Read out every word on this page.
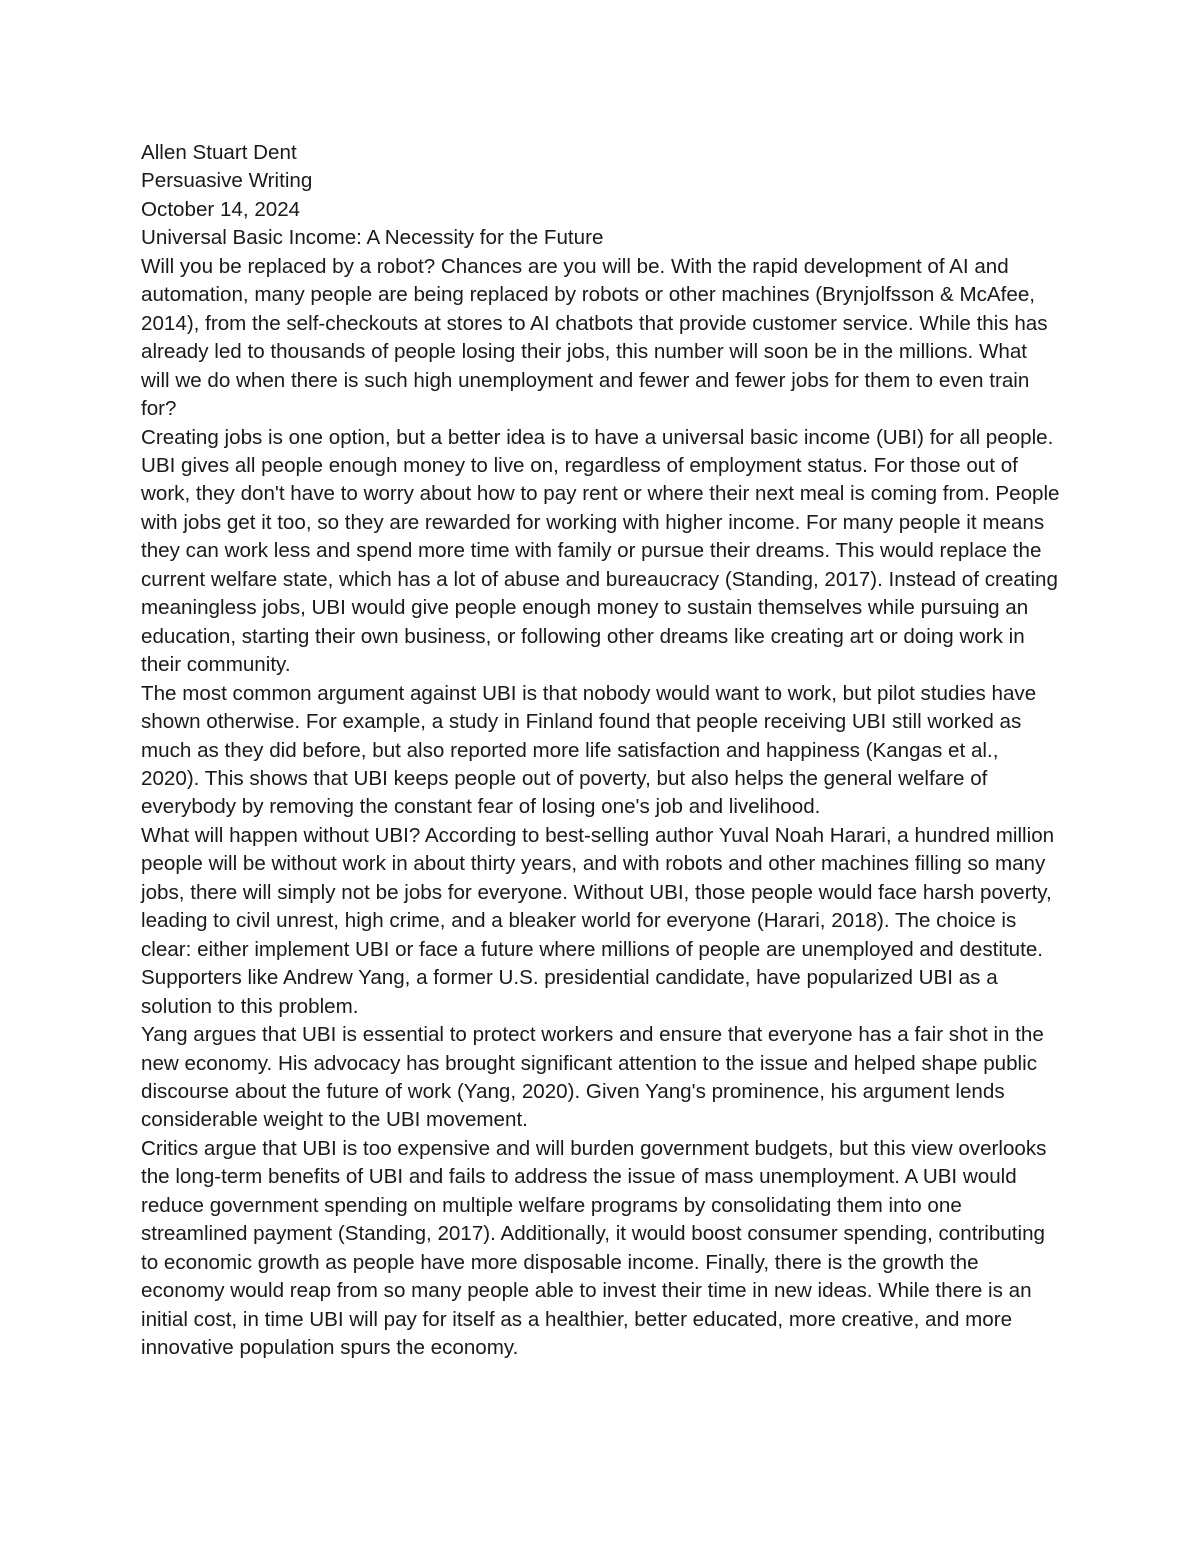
Allen Stuart Dent

Persuasive Writing

October 14, 2024

Universal Basic Income: A Necessity for the Future

Will you be replaced by a robot? Chances are you will be. With the rapid development of AI and automation, many people are being replaced by robots or other machines (Brynjolfsson & McAfee, 2014), from the self-checkouts at stores to AI chatbots that provide customer service. While this has already led to thousands of people losing their jobs, this number will soon be in the millions. What will we do when there is such high unemployment and fewer and fewer jobs for them to even train for?

Creating jobs is one option, but a better idea is to have a universal basic income (UBI) for all people. UBI gives all people enough money to live on, regardless of employment status. For those out of work, they don't have to worry about how to pay rent or where their next meal is coming from. People with jobs get it too, so they are rewarded for working with higher income. For many people it means they can work less and spend more time with family or pursue their dreams. This would replace the current welfare state, which has a lot of abuse and bureaucracy (Standing, 2017). Instead of creating meaningless jobs, UBI would give people enough money to sustain themselves while pursuing an education, starting their own business, or following other dreams like creating art or doing work in their community.

The most common argument against UBI is that nobody would want to work, but pilot studies have shown otherwise. For example, a study in Finland found that people receiving UBI still worked as much as they did before, but also reported more life satisfaction and happiness (Kangas et al., 2020). This shows that UBI keeps people out of poverty, but also helps the general welfare of everybody by removing the constant fear of losing one's job and livelihood.

What will happen without UBI? According to best-selling author Yuval Noah Harari, a hundred million people will be without work in about thirty years, and with robots and other machines filling so many jobs, there will simply not be jobs for everyone. Without UBI, those people would face harsh poverty, leading to civil unrest, high crime, and a bleaker world for everyone (Harari, 2018). The choice is clear: either implement UBI or face a future where millions of people are unemployed and destitute.

Supporters like Andrew Yang, a former U.S. presidential candidate, have popularized UBI as a solution to this problem.

Yang argues that UBI is essential to protect workers and ensure that everyone has a fair shot in the new economy. His advocacy has brought significant attention to the issue and helped shape public discourse about the future of work (Yang, 2020). Given Yang's prominence, his argument lends considerable weight to the UBI movement.

Critics argue that UBI is too expensive and will burden government budgets, but this view overlooks the long-term benefits of UBI and fails to address the issue of mass unemployment. A UBI would reduce government spending on multiple welfare programs by consolidating them into one streamlined payment (Standing, 2017). Additionally, it would boost consumer spending, contributing to economic growth as people have more disposable income. Finally, there is the growth the economy would reap from so many people able to invest their time in new ideas. While there is an initial cost, in time UBI will pay for itself as a healthier, better educated, more creative, and more innovative population spurs the economy.
